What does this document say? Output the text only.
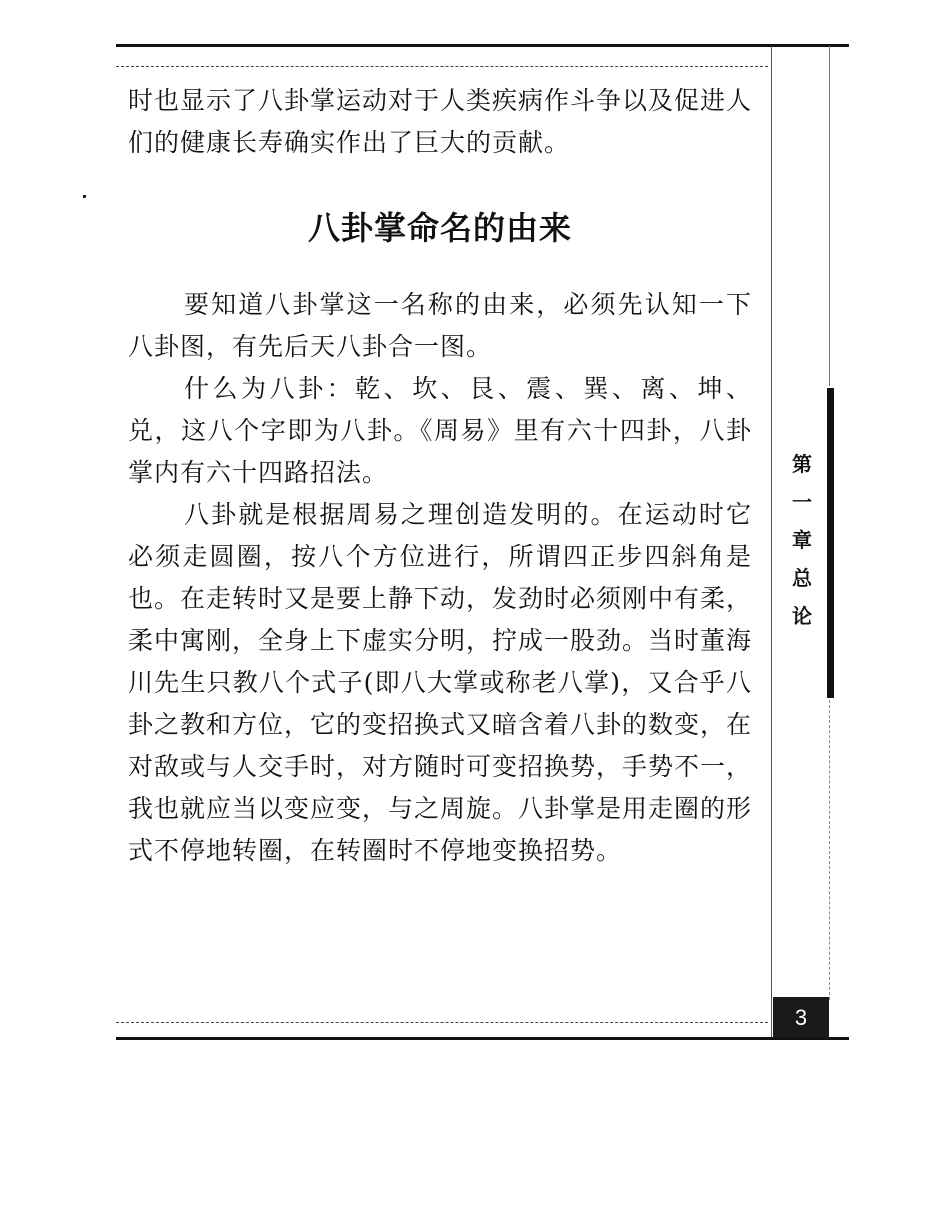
第
一
章
总
论

时也显示了八卦掌运动对于人类疾病作斗争以及促进人们的健康长寿确实作出了巨大的贡献。

八卦掌命名的由来

要知道八卦掌这一名称的由来，必须先认知一下八卦图，有先后天八卦合一图。

什么为八卦：乾、坎、艮、震、巽、离、坤、兑，这八个字即为八卦。《周易》里有六十四卦，八卦掌内有六十四路招法。

八卦就是根据周易之理创造发明的。在运动时它必须走圆圈，按八个方位进行，所谓四正步四斜角是也。在走转时又是要上静下动，发劲时必须刚中有柔，柔中寓刚，全身上下虚实分明，拧成一股劲。当时董海川先生只教八个式子(即八大掌或称老八掌)，又合乎八卦之教和方位，它的变招换式又暗含着八卦的数变，在对敌或与人交手时，对方随时可变招换势，手势不一，我也就应当以变应变，与之周旋。八卦掌是用走圈的形式不停地转圈，在转圈时不停地变换招势。

3
